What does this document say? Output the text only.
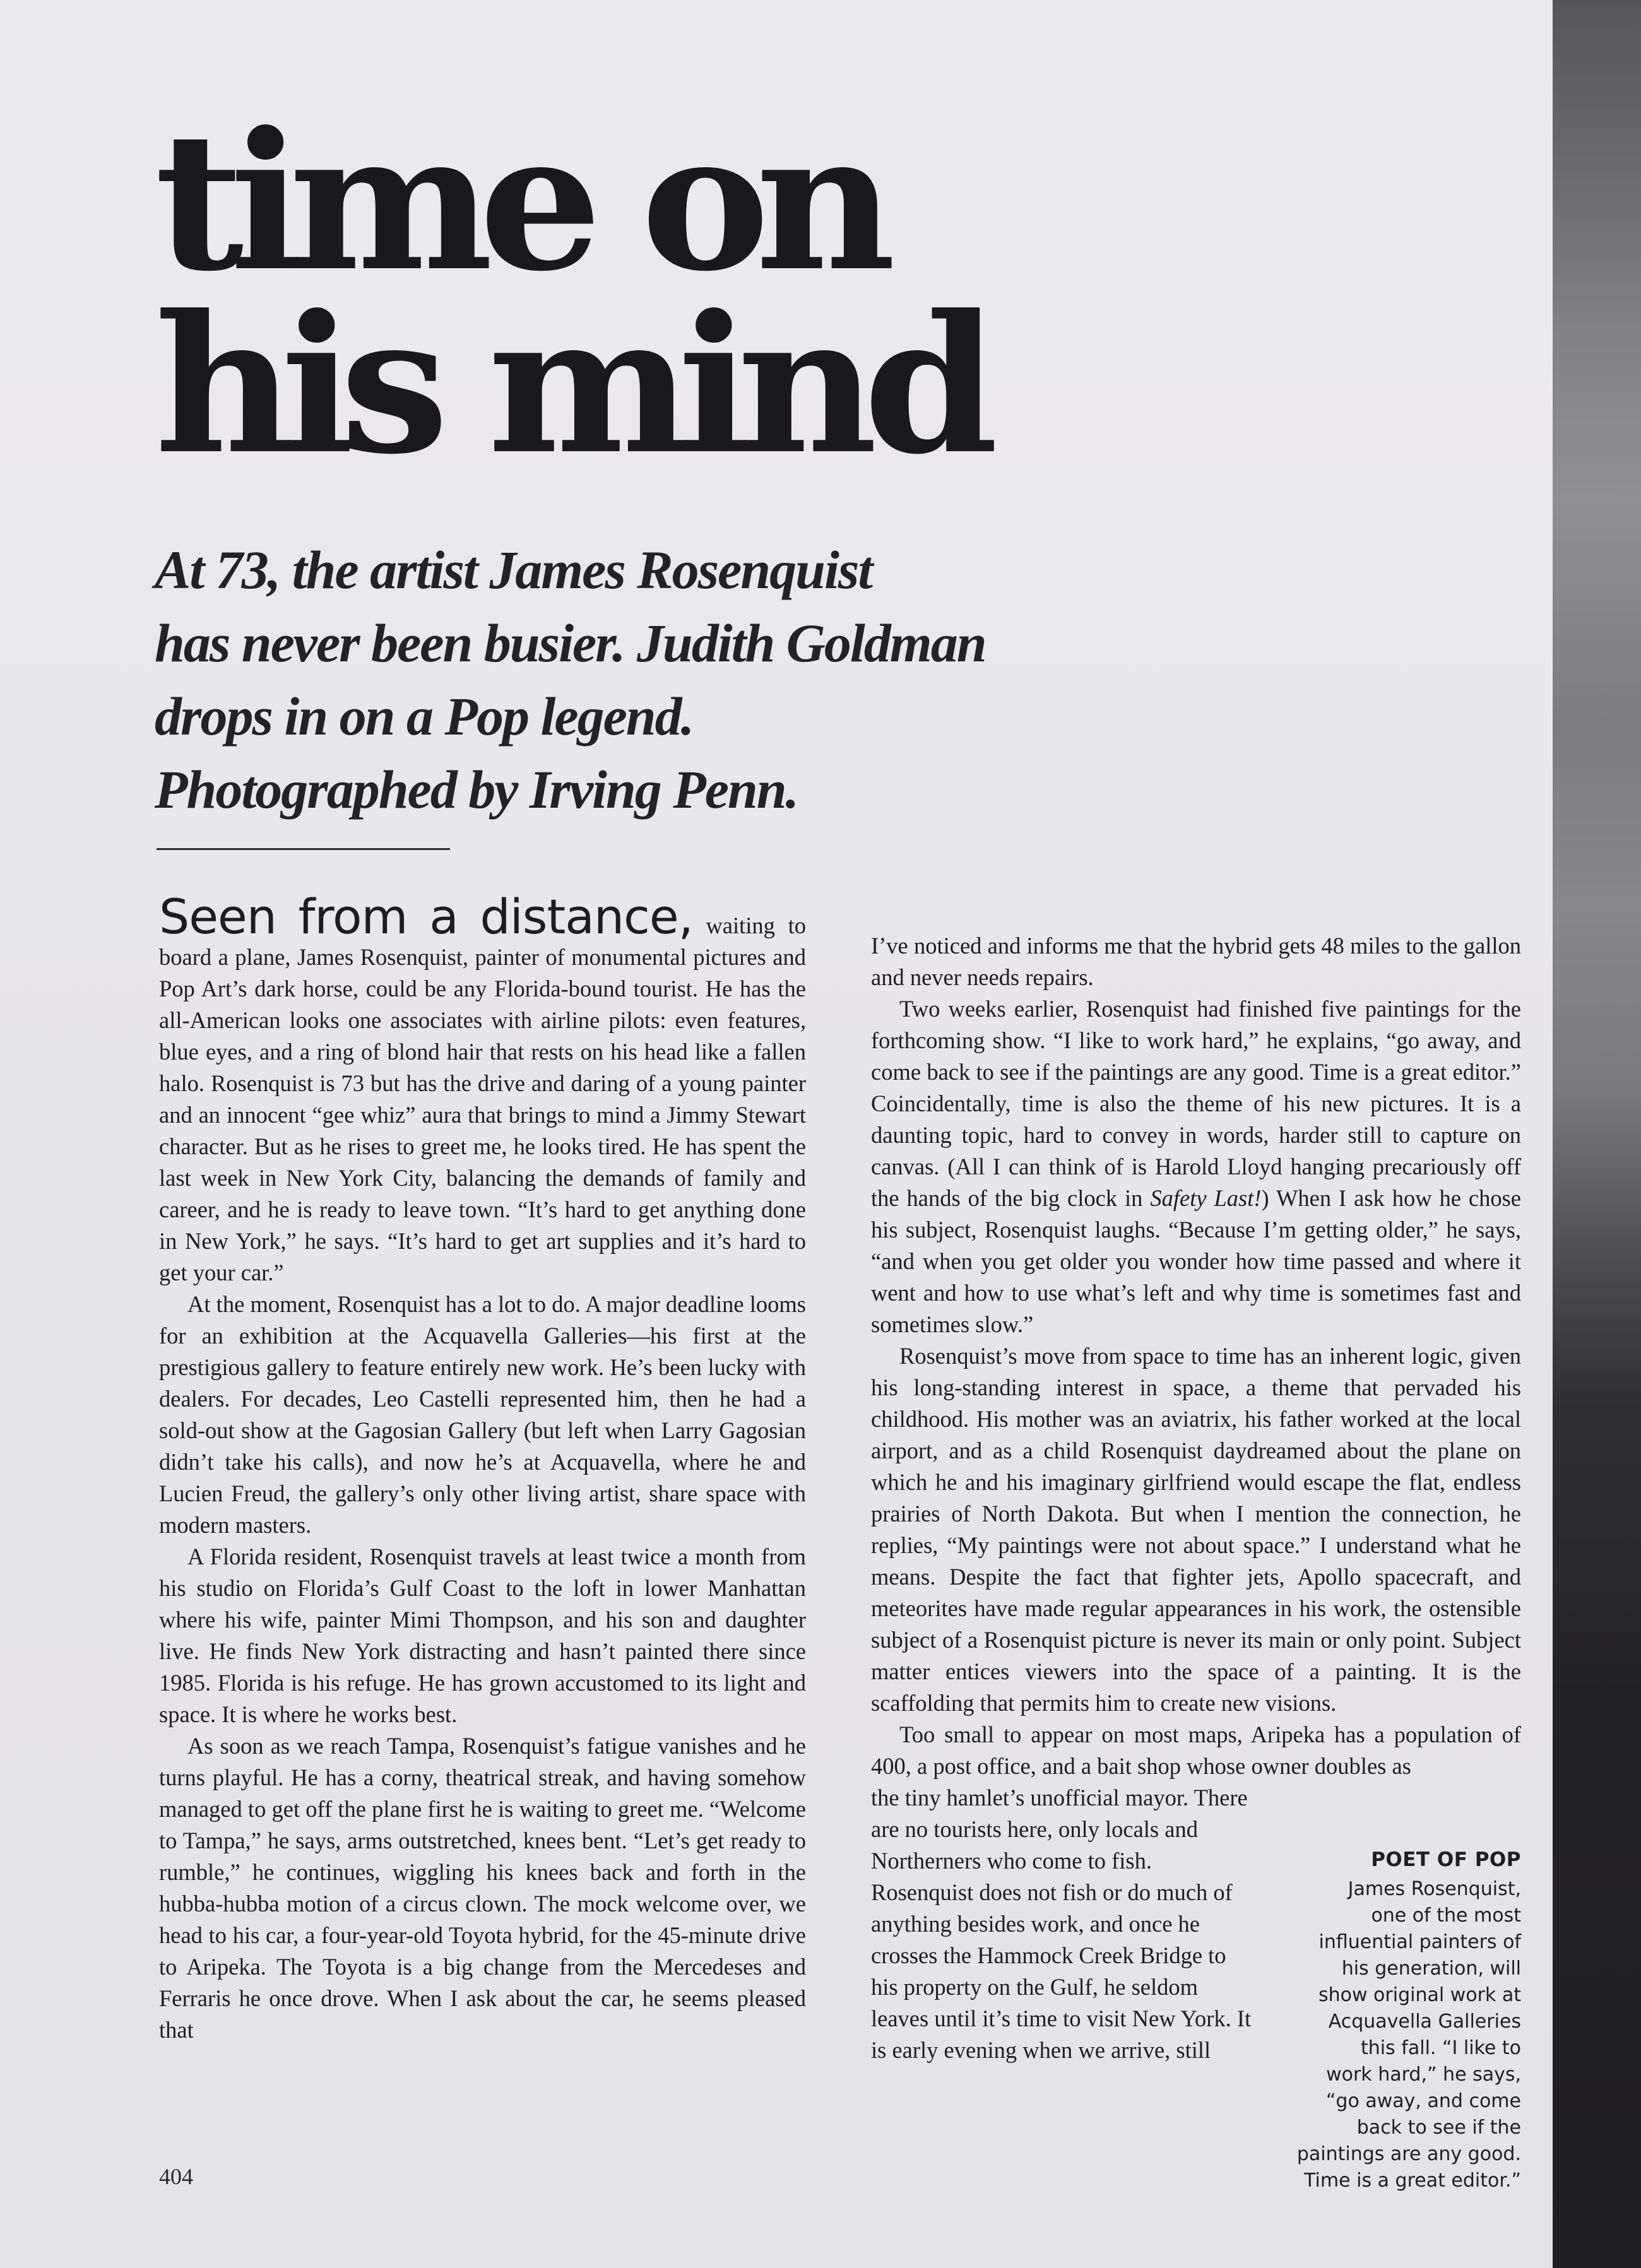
time on
his mind
At 73, the artist James Rosenquist
has never been busier. Judith Goldman
drops in on a Pop legend.
Photographed by Irving Penn.

Seen from a distance, waiting to board a plane, James Rosenquist, painter of monumental pictures and Pop Art’s dark horse, could be any Florida-bound tourist. He has the all-American looks one associates with airline pilots: even features, blue eyes, and a ring of blond hair that rests on his head like a fallen halo. Rosenquist is 73 but has the drive and daring of a young painter and an innocent “gee whiz” aura that brings to mind a Jimmy Stewart character. But as he rises to greet me, he looks tired. He has spent the last week in New York City, balancing the demands of family and career, and he is ready to leave town. “It’s hard to get anything done in New York,” he says. “It’s hard to get art supplies and it’s hard to get your car.”

At the moment, Rosenquist has a lot to do. A major deadline looms for an exhibition at the Acquavella Galleries—his first at the prestigious gallery to feature entirely new work. He’s been lucky with dealers. For decades, Leo Castelli represented him, then he had a sold-out show at the Gagosian Gallery (but left when Larry Gagosian didn’t take his calls), and now he’s at Acquavella, where he and Lucien Freud, the gallery’s only other living artist, share space with modern masters.

A Florida resident, Rosenquist travels at least twice a month from his studio on Florida’s Gulf Coast to the loft in lower Manhattan where his wife, painter Mimi Thompson, and his son and daughter live. He finds New York distracting and hasn’t painted there since 1985. Florida is his refuge. He has grown accustomed to its light and space. It is where he works best.

As soon as we reach Tampa, Rosenquist’s fatigue vanishes and he turns playful. He has a corny, theatrical streak, and having somehow managed to get off the plane first he is waiting to greet me. “Welcome to Tampa,” he says, arms outstretched, knees bent. “Let’s get ready to rumble,” he continues, wiggling his knees back and forth in the hubba-hubba motion of a circus clown. The mock welcome over, we head to his car, a four-year-old Toyota hybrid, for the 45-minute drive to Aripeka. The Toyota is a big change from the Mercedeses and Ferraris he once drove. When I ask about the car, he seems pleased that

I’ve noticed and informs me that the hybrid gets 48 miles to the gallon and never needs repairs.

Two weeks earlier, Rosenquist had finished five paintings for the forthcoming show. “I like to work hard,” he explains, “go away, and come back to see if the paintings are any good. Time is a great editor.” Coincidentally, time is also the theme of his new pictures. It is a daunting topic, hard to convey in words, harder still to capture on canvas. (All I can think of is Harold Lloyd hanging precariously off the hands of the big clock in Safety Last!) When I ask how he chose his subject, Rosenquist laughs. “Because I’m getting older,” he says, “and when you get older you wonder how time passed and where it went and how to use what’s left and why time is sometimes fast and sometimes slow.”

Rosenquist’s move from space to time has an inherent logic, given his long-standing interest in space, a theme that pervaded his childhood. His mother was an aviatrix, his father worked at the local airport, and as a child Rosenquist daydreamed about the plane on which he and his imaginary girlfriend would escape the flat, endless prairies of North Dakota. But when I mention the connection, he replies, “My paintings were not about space.” I understand what he means. Despite the fact that fighter jets, Apollo spacecraft, and meteorites have made regular appearances in his work, the ostensible subject of a Rosenquist picture is never its main or only point. Subject matter entices viewers into the space of a painting. It is the scaffolding that permits him to create new visions.

Too small to appear on most maps, Aripeka has a population of 400, a post office, and a bait shop whose owner doubles as

the tiny hamlet’s unofficial mayor. There are no tourists here, only locals and Northerners who come to fish. Rosenquist does not fish or do much of anything besides work, and once he crosses the Hammock Creek Bridge to his property on the Gulf, he seldom leaves until it’s time to visit New York. It is early evening when we arrive, still

POET OF POP

James Rosenquist,
one of the most
influential painters of
his generation, will
show original work at
Acquavella Galleries
this fall. “I like to
work hard,” he says,
“go away, and come
back to see if the
paintings are any good.
Time is a great editor.”

404
